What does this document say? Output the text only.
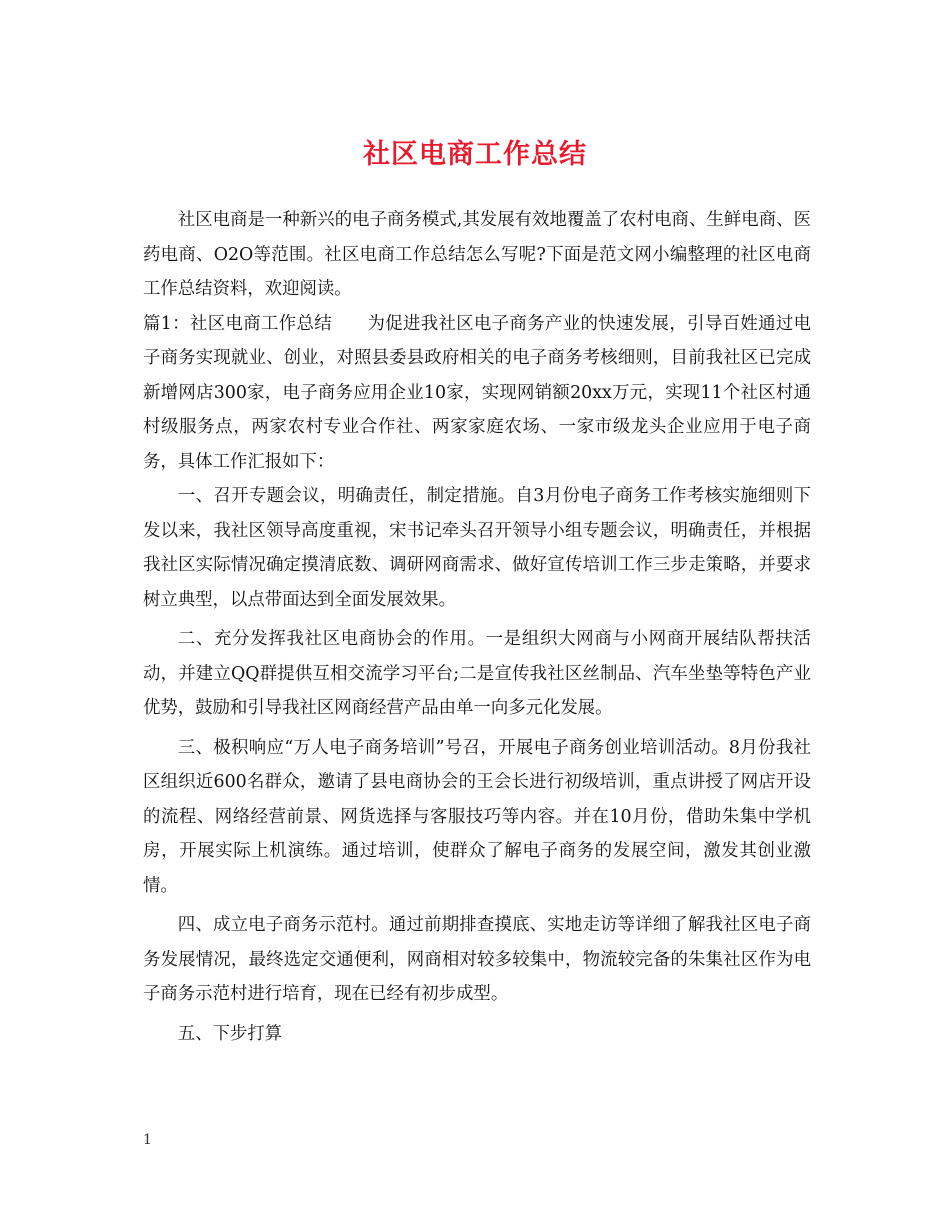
社区电商工作总结

社区电商是一种新兴的电子商务模式,其发展有效地覆盖了农村电商、生鲜电商、医药电商、O2O等范围。社区电商工作总结怎么写呢?下面是范文网小编整理的社区电商工作总结资料，欢迎阅读。

篇1：社区电商工作总结　　为促进我社区电子商务产业的快速发展，引导百姓通过电子商务实现就业、创业，对照县委县政府相关的电子商务考核细则，目前我社区已完成新增网店300家，电子商务应用企业10家，实现网销额20xx万元，实现11个社区村通村级服务点，两家农村专业合作社、两家家庭农场、一家市级龙头企业应用于电子商务，具体工作汇报如下：

一、召开专题会议，明确责任，制定措施。自3月份电子商务工作考核实施细则下发以来，我社区领导高度重视，宋书记牵头召开领导小组专题会议，明确责任，并根据我社区实际情况确定摸清底数、调研网商需求、做好宣传培训工作三步走策略，并要求树立典型，以点带面达到全面发展效果。

二、充分发挥我社区电商协会的作用。一是组织大网商与小网商开展结队帮扶活动，并建立QQ群提供互相交流学习平台;二是宣传我社区丝制品、汽车坐垫等特色产业优势，鼓励和引导我社区网商经营产品由单一向多元化发展。

三、极积响应“万人电子商务培训”号召，开展电子商务创业培训活动。8月份我社区组织近600名群众，邀请了县电商协会的王会长进行初级培训，重点讲授了网店开设的流程、网络经营前景、网货选择与客服技巧等内容。并在10月份，借助朱集中学机房，开展实际上机演练。通过培训，使群众了解电子商务的发展空间，激发其创业激情。

四、成立电子商务示范村。通过前期排查摸底、实地走访等详细了解我社区电子商务发展情况，最终选定交通便利，网商相对较多较集中，物流较完备的朱集社区作为电子商务示范村进行培育，现在已经有初步成型。

五、下步打算

1
